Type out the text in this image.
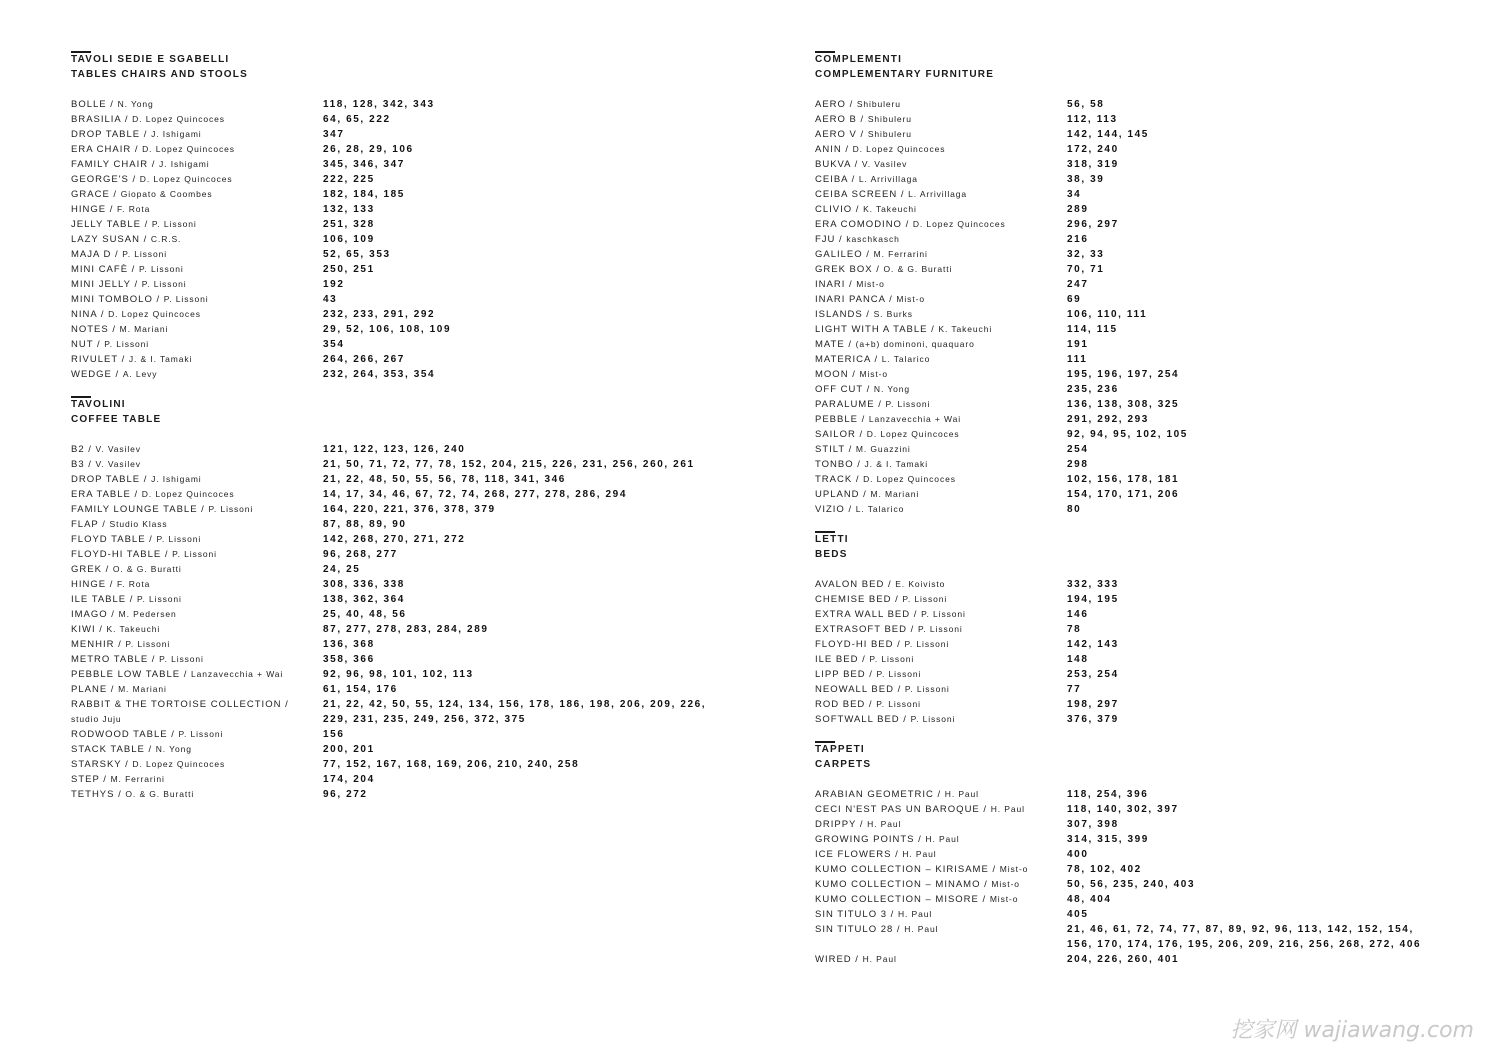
TAVOLI SEDIE E SGABELLI
TABLES CHAIRS AND STOOLS
BOLLE / N. Yong	118, 128, 342, 343
BRASILIA / D. Lopez Quincoces	64, 65, 222
DROP TABLE / J. Ishigami	347
ERA CHAIR / D. Lopez Quincoces	26, 28, 29, 106
FAMILY CHAIR / J. Ishigami	345, 346, 347
GEORGE'S / D. Lopez Quincoces	222, 225
GRACE / Giopato & Coombes	182, 184, 185
HINGE / F. Rota	132, 133
JELLY TABLE / P. Lissoni	251, 328
LAZY SUSAN / C.R.S.	106, 109
MAJA D / P. Lissoni	52, 65, 353
MINI CAFÈ / P. Lissoni	250, 251
MINI JELLY / P. Lissoni	192
MINI TOMBOLO / P. Lissoni	43
NINA / D. Lopez Quincoces	232, 233, 291, 292
NOTES / M. Mariani	29, 52, 106, 108, 109
NUT / P. Lissoni	354
RIVULET / J. & I. Tamaki	264, 266, 267
WEDGE / A. Levy	232, 264, 353, 354
TAVOLINI
COFFEE TABLE
B2 / V. Vasilev	121, 122, 123, 126, 240
B3 / V. Vasilev	21, 50, 71, 72, 77, 78, 152, 204, 215, 226, 231, 256, 260, 261
DROP TABLE / J. Ishigami	21, 22, 48, 50, 55, 56, 78, 118, 341, 346
ERA TABLE / D. Lopez Quincoces	14, 17, 34, 46, 67, 72, 74, 268, 277, 278, 286, 294
FAMILY LOUNGE TABLE / P. Lissoni	164, 220, 221, 376, 378, 379
FLAP / Studio Klass	87, 88, 89, 90
FLOYD TABLE / P. Lissoni	142, 268, 270, 271, 272
FLOYD-HI TABLE / P. Lissoni	96, 268, 277
GREK / O. & G. Buratti	24, 25
HINGE / F. Rota	308, 336, 338
ILE TABLE / P. Lissoni	138, 362, 364
IMAGO / M. Pedersen	25, 40, 48, 56
KIWI / K. Takeuchi	87, 277, 278, 283, 284, 289
MENHIR / P. Lissoni	136, 368
METRO TABLE / P. Lissoni	358, 366
PEBBLE LOW TABLE / Lanzavecchia + Wai	92, 96, 98, 101, 102, 113
PLANE / M. Mariani	61, 154, 176
RABBIT & THE TORTOISE COLLECTION /	21, 22, 42, 50, 55, 124, 134, 156, 178, 186, 198, 206, 209, 226,
studio Juju	229, 231, 235, 249, 256, 372, 375
RODWOOD TABLE / P. Lissoni	156
STACK TABLE / N. Yong	200, 201
STARSKY / D. Lopez Quincoces	77, 152, 167, 168, 169, 206, 210, 240, 258
STEP / M. Ferrarini	174, 204
TETHYS / O. & G. Buratti	96, 272
COMPLEMENTI
COMPLEMENTARY FURNITURE
AERO / Shibuleru	56, 58
AERO B / Shibuleru	112, 113
AERO V / Shibuleru	142, 144, 145
ANIN / D. Lopez Quincoces	172, 240
BUKVA / V. Vasilev	318, 319
CEIBA / L. Arrivillaga	38, 39
CEIBA SCREEN / L. Arrivillaga	34
CLIVIO / K. Takeuchi	289
ERA COMODINO / D. Lopez Quincoces	296, 297
FJU / kaschkasch	216
GALILEO / M. Ferrarini	32, 33
GREK BOX / O. & G. Buratti	70, 71
INARI / Mist-o	247
INARI PANCA / Mist-o	69
ISLANDS / S. Burks	106, 110, 111
LIGHT WITH A TABLE / K. Takeuchi	114, 115
MATE / (a+b) dominoni, quaquaro	191
MATERICA / L. Talarico	111
MOON / Mist-o	195, 196, 197, 254
OFF CUT / N. Yong	235, 236
PARALUME / P. Lissoni	136, 138, 308, 325
PEBBLE / Lanzavecchia + Wai	291, 292, 293
SAILOR / D. Lopez Quincoces	92, 94, 95, 102, 105
STILT / M. Guazzini	254
TONBO / J. & I. Tamaki	298
TRACK / D. Lopez Quincoces	102, 156, 178, 181
UPLAND / M. Mariani	154, 170, 171, 206
VIZIO / L. Talarico	80
LETTI
BEDS
AVALON BED / E. Koivisto	332, 333
CHEMISE BED / P. Lissoni	194, 195
EXTRA WALL BED / P. Lissoni	146
EXTRASOFT BED / P. Lissoni	78
FLOYD-HI BED / P. Lissoni	142, 143
ILE BED / P. Lissoni	148
LIPP BED / P. Lissoni	253, 254
NEOWALL BED / P. Lissoni	77
ROD BED / P. Lissoni	198, 297
SOFTWALL BED / P. Lissoni	376, 379
TAPPETI
CARPETS
ARABIAN GEOMETRIC / H. Paul	118, 254, 396
CECI N'EST PAS UN BAROQUE / H. Paul	118, 140, 302, 397
DRIPPY / H. Paul	307, 398
GROWING POINTS / H. Paul	314, 315, 399
ICE FLOWERS / H. Paul	400
KUMO COLLECTION – KIRISAME / Mist-o	78, 102, 402
KUMO COLLECTION – MINAMO / Mist-o	50, 56, 235, 240, 403
KUMO COLLECTION – MISORE / Mist-o	48, 404
SIN TITULO 3 / H. Paul	405
SIN TITULO 28 / H. Paul	21, 46, 61, 72, 74, 77, 87, 89, 92, 96, 113, 142, 152, 154,
156, 170, 174, 176, 195, 206, 209, 216, 256, 268, 272, 406
WIRED / H. Paul	204, 226, 260, 401
挖家网 wajiawang.com
